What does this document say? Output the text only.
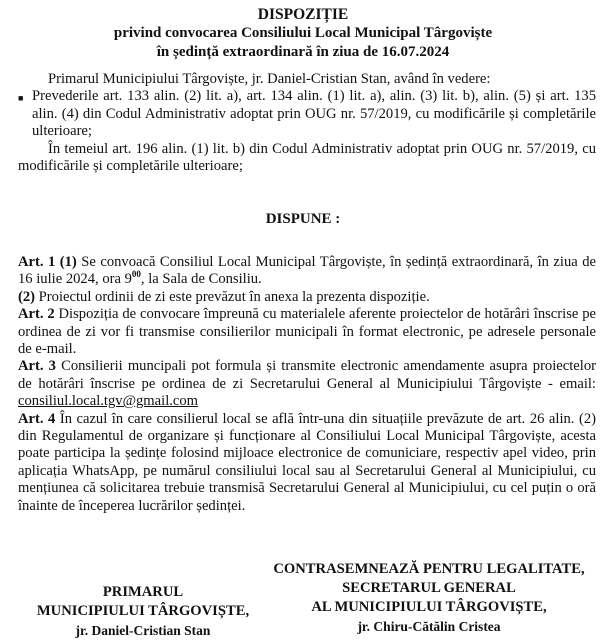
DISPOZIȚIE
privind convocarea Consiliului Local Municipal Târgoviște
în ședință extraordinară în ziua de 16.07.2024
Primarul Municipiului Târgoviște, jr. Daniel-Cristian Stan, având în vedere:
■ Prevederile art. 133 alin. (2) lit. a), art. 134 alin. (1) lit. a), alin. (3) lit. b), alin. (5) și art. 135 alin. (4) din Codul Administrativ adoptat prin OUG nr. 57/2019, cu modificările și completările ulterioare;
În temeiul art. 196 alin. (1) lit. b) din Codul Administrativ adoptat prin OUG nr. 57/2019, cu modificările și completările ulterioare;
DISPUNE :
Art. 1 (1) Se convoacă Consiliul Local Municipal Târgoviște, în ședință extraordinară, în ziua de 16 iulie 2024, ora $9^{00}$, la Sala de Consiliu.
(2) Proiectul ordinii de zi este prevăzut în anexa la prezenta dispoziție.
Art. 2 Dispoziția de convocare împreună cu materialele aferente proiectelor de hotărâri înscrise pe ordinea de zi vor fi transmise consilierilor municipali în format electronic, pe adresele personale de e-mail.
Art. 3 Consilierii muncipali pot formula și transmite electronic amendamente asupra proiectelor de hotărâri înscrise pe ordinea de zi Secretarului General al Municipiului Târgoviște - email: consiliul.local.tgv@gmail.com
Art. 4 În cazul în care consilierul local se află într-una din situațiile prevăzute de art. 26 alin. (2) din Regulamentul de organizare și funcționare al Consiliului Local Municipal Târgoviște, acesta poate participa la ședințe folosind mijloace electronice de comuniciare, respectiv apel video, prin aplicația WhatsApp, pe numărul consiliului local sau al Secretarului General al Municipiului, cu mențiunea că solicitarea trebuie transmisă Secretarului General al Municipiului, cu cel puțin o oră înainte de începerea lucrărilor ședinței.
PRIMARUL
MUNICIPIULUI TÂRGOVIȘTE,
jr. Daniel-Cristian Stan
CONTRASEMNEAZĂ PENTRU LEGALITATE,
SECRETARUL GENERAL
AL MUNICIPIULUI TÂRGOVIȘTE,
jr. Chiru-Cătălin Cristea
